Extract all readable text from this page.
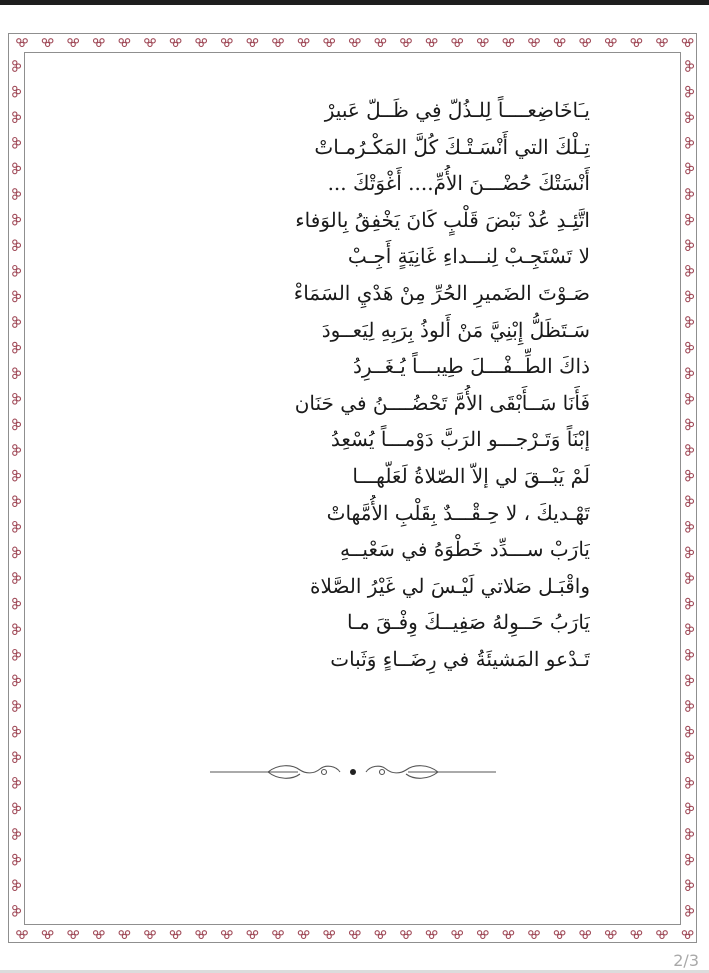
يـَاخَاضِعــــاً لِلـذُلّ فِي ظَــلّ عَبيرْ
تِـلْكَ التي أَنْسَـتْـكَ كُلَّ المَكْـرُمـاتْ
أَنْسَتْكَ حُضْـــنَ الأُمِّ.... أَغْوَتْكَ ...
اتَّئِـدِ عُدْ نَبْضَ قَلْبٍ كَانَ يَخْفِقُ بِالوَفاء
لا تَسْتَجِـبْ لِنـــداءِ غَانِيَةٍ أَجِـبْ
صَـوْتَ الضَميرِ الحُرِّ مِنْ هَدْيِ السَمَاءْ
سَـتَظَلُّ إِبْنِيَّ مَنْ أَلوذُ بِرَبِهِ لِيَعــودَ
ذاكَ الطِّــفْـــلَ طِيبـــاً يُـغَــرِدُ
فَأَنَا سَــأَبْقَى الأُمَّ تَحْضُــــنُ في حَنَان
إبْنَاً وَتَـرْجـــو الرَبَّ دَوْمـــاً يُسْعِدُ
لَمْ يَبْــقَ لي إلاّ الصّلاةُ لَعَلّهـــا
تَهْـديكَ ، لا حِـقْـــدٌ بِقَلْبِ الأُمَّهاتْ
يَارَبْ ســـدِّد خَطْوَهُ في سَعْيــهِ
واقْبَـل صَلاتي لَيْـسَ لي غَيْرُ الصَّلاة
يَارَبُ حَــوِلهُ صَفِيــكَ وِفْـقَ مـا
تَـدْعو المَشيئَةُ في رِضَــاءٍ وَثَبات
2/3
